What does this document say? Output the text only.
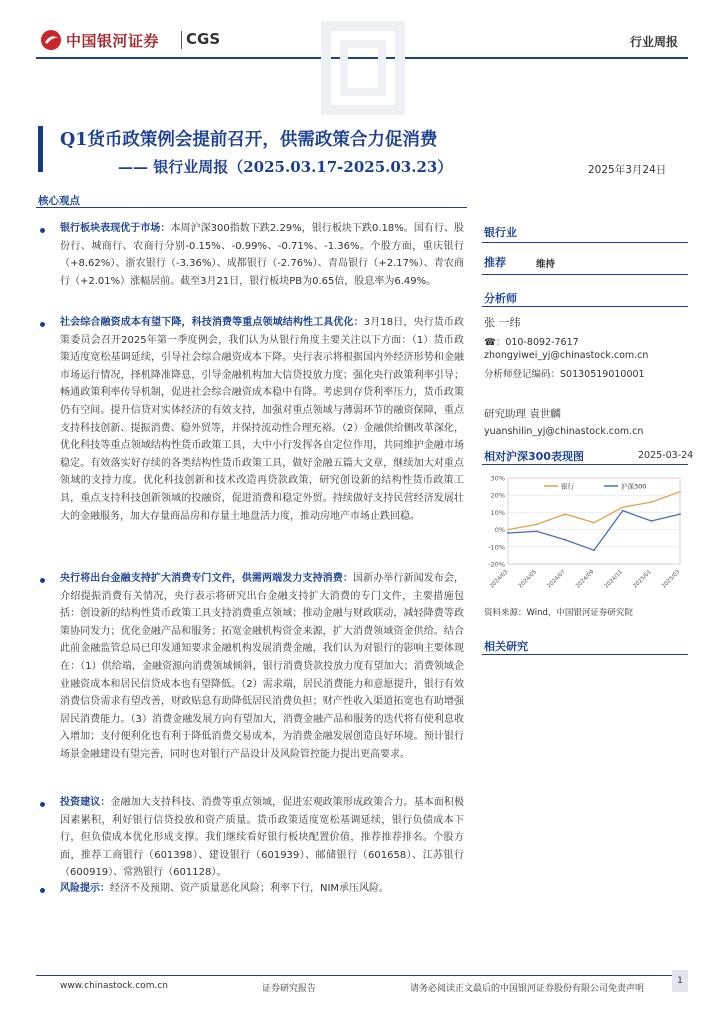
中国银河证券 CGS	行业周报
Q1货币政策例会提前召开，供需政策合力促消费
—— 银行业周报（2025.03.17-2025.03.23）	2025年3月24日
核心观点
银行板块表现优于市场：本周沪深300指数下跌2.29%，银行板块下跌0.18%。国有行、股份行、城商行、农商行分别-0.15%、-0.99%、-0.71%、-1.36%。个股方面，重庆银行（+8.62%）、浙农银行（-3.36%）、成都银行（-2.76%）、青岛银行（+2.17%）、青农商行（+2.01%）涨幅居前。截至3月21日，银行板块PB为0.65倍，股息率为6.49%。
社会综合融资成本有望下降，科技消费等重点领域结构性工具优化：3月18日，央行货币政策委员会召开2025年第一季度例会，我们认为从银行角度主要关注以下方面：（1）货币政策适度宽松基调延续，引导社会综合融资成本下降。央行表示将根据国内外经济形势和金融市场运行情况，择机降准降息，引导金融机构加大信贷投放力度；强化央行政策利率引导；畅通政策利率传导机制，促进社会综合融资成本稳中有降。考虑到存贷利率压力，货币政策仍有空间。提升信贷对实体经济的有效支持，加强对重点领域与薄弱环节的融资保障，重点支持科技创新、提振消费、稳外贸等，并保持流动性合理充裕。（2）金融供给侧改革深化，优化科技等重点领域结构性货币政策工具，大中小行发挥各自定位作用，共同维护金融市场稳定。有效落实好存续的各类结构性货币政策工具，做好金融五篇大文章，继续加大对重点领域的支持力度。优化科技创新和技术改造再贷款政策，研究创设新的结构性货币政策工具，重点支持科技创新领域的投融资，促进消费和稳定外贸。持续做好支持民营经济发展壮大的金融服务，加大存量商品房和存量土地盘活力度，推动房地产市场止跌回稳。
央行将出台金融支持扩大消费专门文件，供需两端发力支持消费：国新办举行新闻发布会，介绍提振消费有关情况，央行表示将研究出台金融支持扩大消费的专门文件，主要措施包括：创设新的结构性货币政策工具支持消费重点领域；推动金融与财政联动，减轻降费等政策协同发力；优化金融产品和服务；拓宽金融机构资金来源，扩大消费领域资金供给。结合此前金融监管总局已印发通知要求金融机构发展消费金融，我们认为对银行的影响主要体现在：（1）供给端，金融资源向消费领域倾斜，银行消费贷款投放力度有望加大；消费领域企业融资成本和居民信贷成本也有望降低。（2）需求端，居民消费能力和意愿提升，银行有效消费信贷需求有望改善，财政贴息有助降低居民消费负担；财产性收入渠道拓宽也有助增强居民消费能力。（3）消费金融发展方向有望加大，消费金融产品和服务的迭代将有使利息收入增加；支付便利化也有利于降低消费交易成本，为消费金融发展创造良好环境。预计银行场景金融建设有望完善，同时也对银行产品设计及风险管控能力提出更高要求。
投资建议：金融加大支持科技、消费等重点领域，促进宏观政策形成政策合力。基本面积极因素累积，利好银行信贷投放和资产质量。货币政策适度宽松基调延续，银行负债成本下行，但负债成本优化形成支撑。我们继续看好银行板块配置价值，推荐推荐排名。个股方面，推荐工商银行（601398）、建设银行（601939）、邮储银行（601658）、江苏银行（600919）、常熟银行（601128）。
风险提示：经济不及预期、资产质量恶化风险；利率下行，NIM承压风险。
银行业
推荐	维持
分析师
张 一纬
☎：010-8092-7617
zhongyiwei_yj@chinastock.com.cn
分析师登记编码：S0130519010001
研究助理 袁世麟
yuanshilin_yj@chinastock.com.cn
相对沪深300表现图	2025-03-24
30%
20%
10%
0%
-10%
-20%
2024/03 2024/05 2024/07 2024/09 2024/11 2025/01 2025/03
银行	沪深300
资料来源：Wind，中国银河证券研究院
相关研究
www.chinastock.com.cn	证券研究报告	请务必阅读正文最后的中国银河证券股份有限公司免责声明
1
